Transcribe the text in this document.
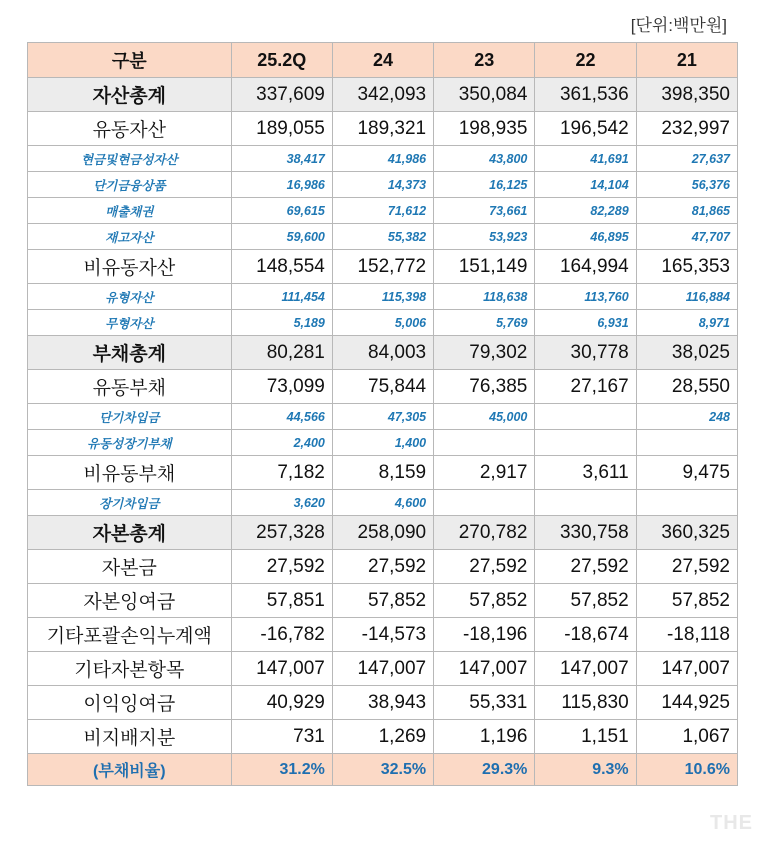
[단위:백만원]
구분	25.2Q	24	23	22	21
자산총계	337,609	342,093	350,084	361,536	398,350
유동자산	189,055	189,321	198,935	196,542	232,997
현금및현금성자산	38,417	41,986	43,800	41,691	27,637
단기금융상품	16,986	14,373	16,125	14,104	56,376
매출채권	69,615	71,612	73,661	82,289	81,865
재고자산	59,600	55,382	53,923	46,895	47,707
비유동자산	148,554	152,772	151,149	164,994	165,353
유형자산	111,454	115,398	118,638	113,760	116,884
무형자산	5,189	5,006	5,769	6,931	8,971
부채총계	80,281	84,003	79,302	30,778	38,025
유동부채	73,099	75,844	76,385	27,167	28,550
단기차입금	44,566	47,305	45,000		248
유동성장기부채	2,400	1,400			
비유동부채	7,182	8,159	2,917	3,611	9,475
장기차입금	3,620	4,600			
자본총계	257,328	258,090	270,782	330,758	360,325
자본금	27,592	27,592	27,592	27,592	27,592
자본잉여금	57,851	57,852	57,852	57,852	57,852
기타포괄손익누계액	-16,782	-14,573	-18,196	-18,674	-18,118
기타자본항목	147,007	147,007	147,007	147,007	147,007
이익잉여금	40,929	38,943	55,331	115,830	144,925
비지배지분	731	1,269	1,196	1,151	1,067
(부채비율)	31.2%	32.5%	29.3%	9.3%	10.6%
THE
